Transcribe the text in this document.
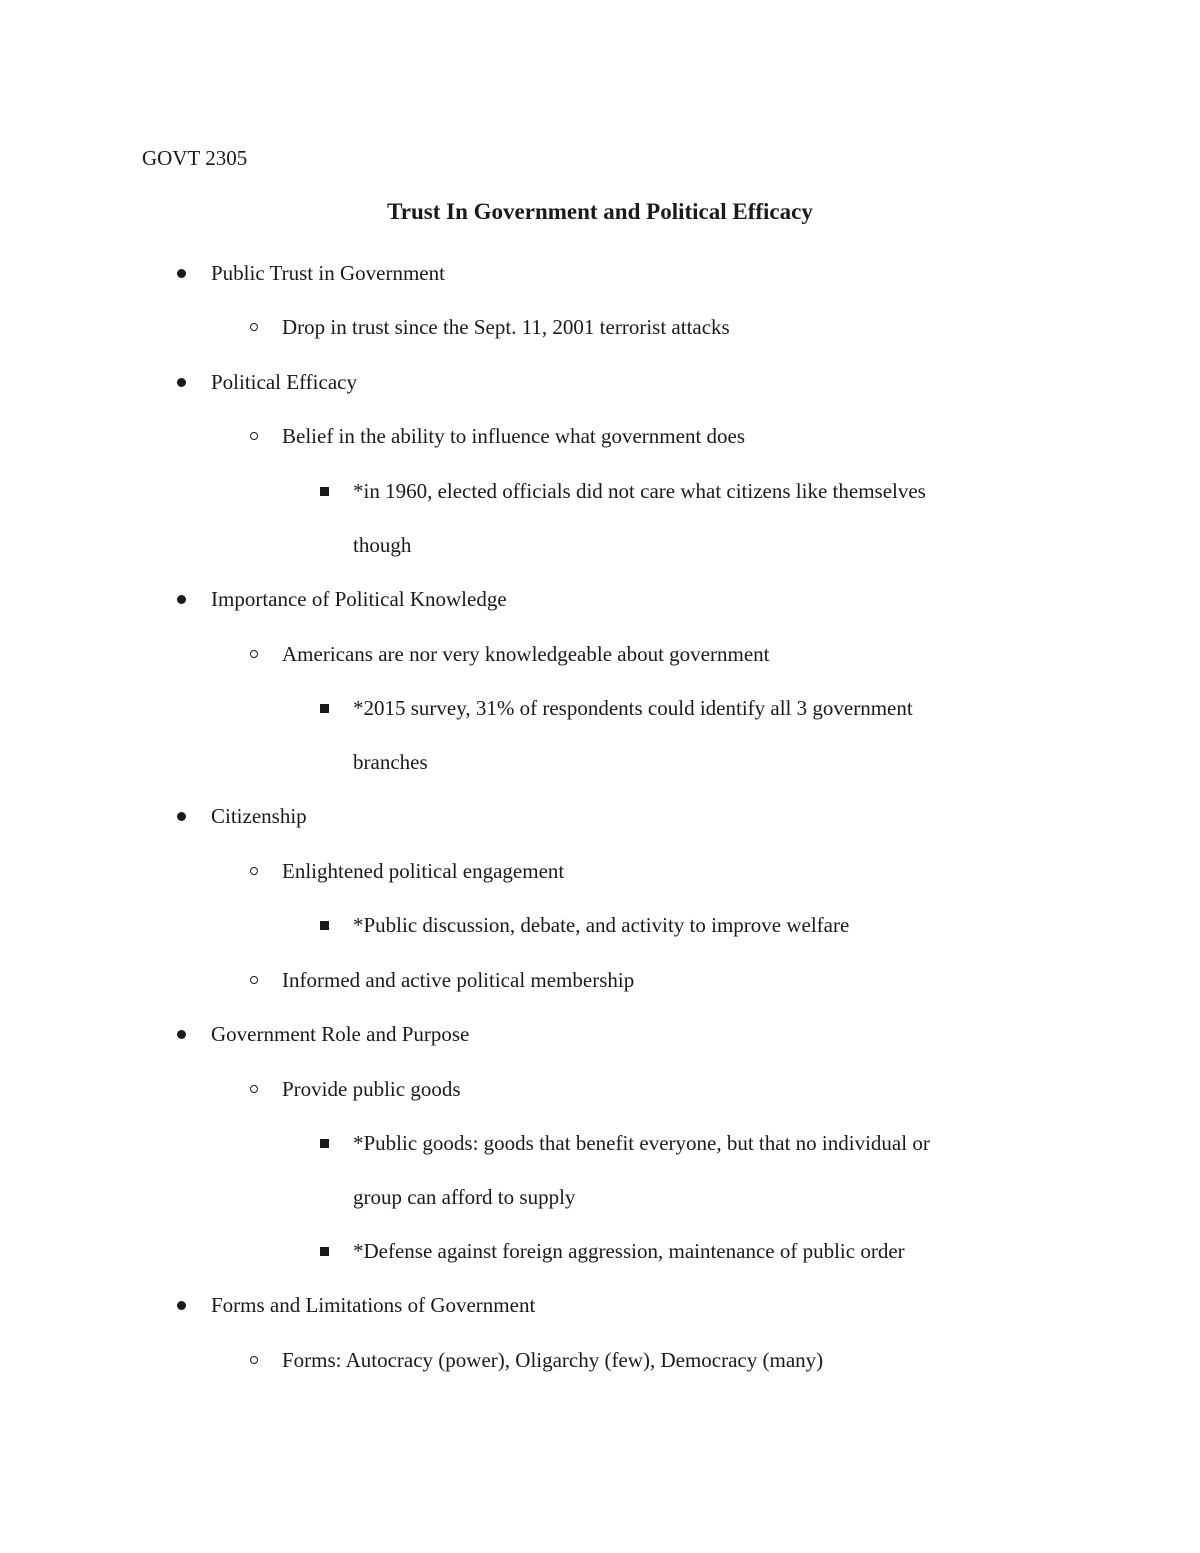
GOVT 2305
Trust In Government and Political Efficacy
Public Trust in Government
Drop in trust since the Sept. 11, 2001 terrorist attacks
Political Efficacy
Belief in the ability to influence what government does
*in 1960, elected officials did not care what citizens like themselves
though
Importance of Political Knowledge
Americans are nor very knowledgeable about government
*2015 survey, 31% of respondents could identify all 3 government
branches
Citizenship
Enlightened political engagement
*Public discussion, debate, and activity to improve welfare
Informed and active political membership
Government Role and Purpose
Provide public goods
*Public goods: goods that benefit everyone, but that no individual or
group can afford to supply
*Defense against foreign aggression, maintenance of public order
Forms and Limitations of Government
Forms: Autocracy (power), Oligarchy (few), Democracy (many)
